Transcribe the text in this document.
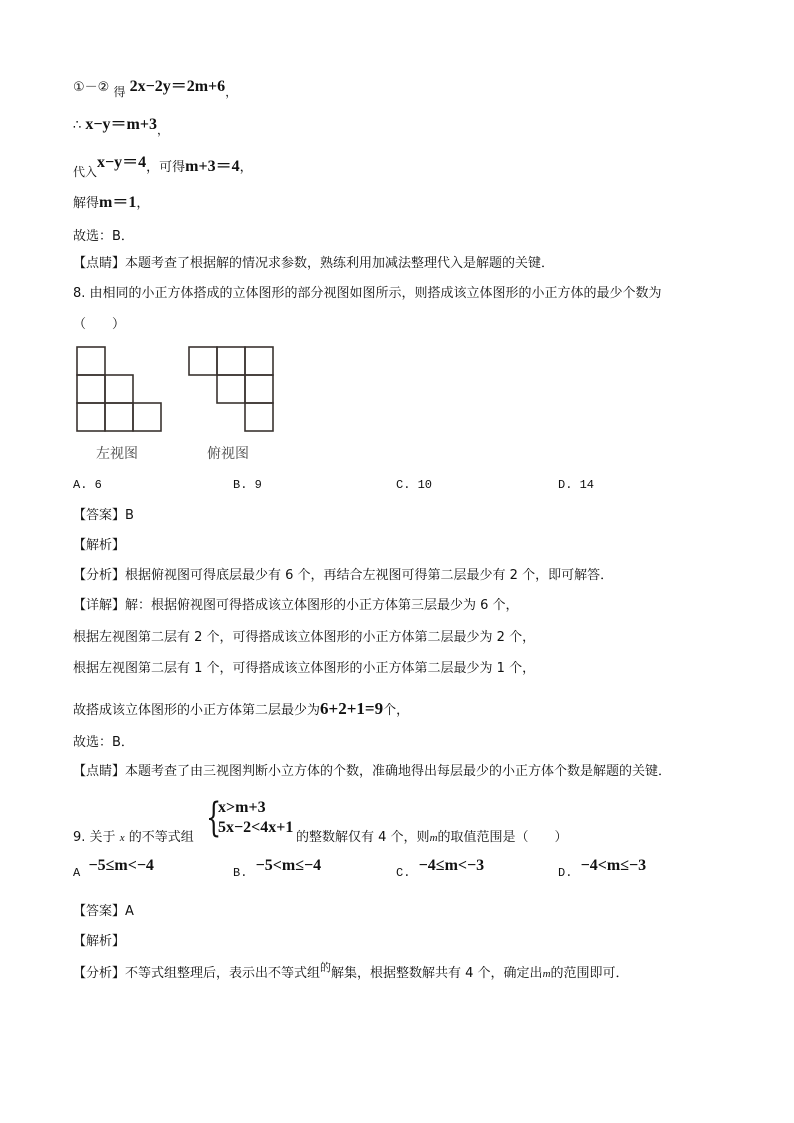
①－② 得 2x−2y＝2m+6，
∴ x−y＝m+3，
代入x−y＝4，可得m+3＝4，
解得m＝1，
故选：B．
【点睛】本题考查了根据解的情况求参数，熟练利用加减法整理代入是解题的关键．
8. 由相同的小正方体搭成的立体图形的部分视图如图所示，则搭成该立体图形的小正方体的最少个数为
（　　）
左视图	俯视图
A. 6	B. 9	C. 10	D. 14
【答案】B
【解析】
【分析】根据俯视图可得底层最少有 6 个，再结合左视图可得第二层最少有 2 个，即可解答．
【详解】解：根据俯视图可得搭成该立体图形的小正方体第三层最少为 6 个，
根据左视图第二层有 2 个，可得搭成该立体图形的小正方体第二层最少为 2 个，
根据左视图第二层有 1 个，可得搭成该立体图形的小正方体第二层最少为 1 个，
故搭成该立体图形的小正方体第二层最少为6+2+1=9个，
故选：B．
【点睛】本题考查了由三视图判断小立方体的个数，准确地得出每层最少的小正方体个数是解题的关键．
{
x>m+3
5x−2<4x+1
9. 关于 x 的不等式组	的整数解仅有 4 个，则m的取值范围是（　　）
A −5≤m<−4	B. −5<m≤−4	C. −4≤m<−3	D. −4<m≤−3
【答案】A
【解析】
【分析】不等式组整理后，表示出不等式组$^的$解集，根据整数解共有 4 个，确定出m的范围即可．
